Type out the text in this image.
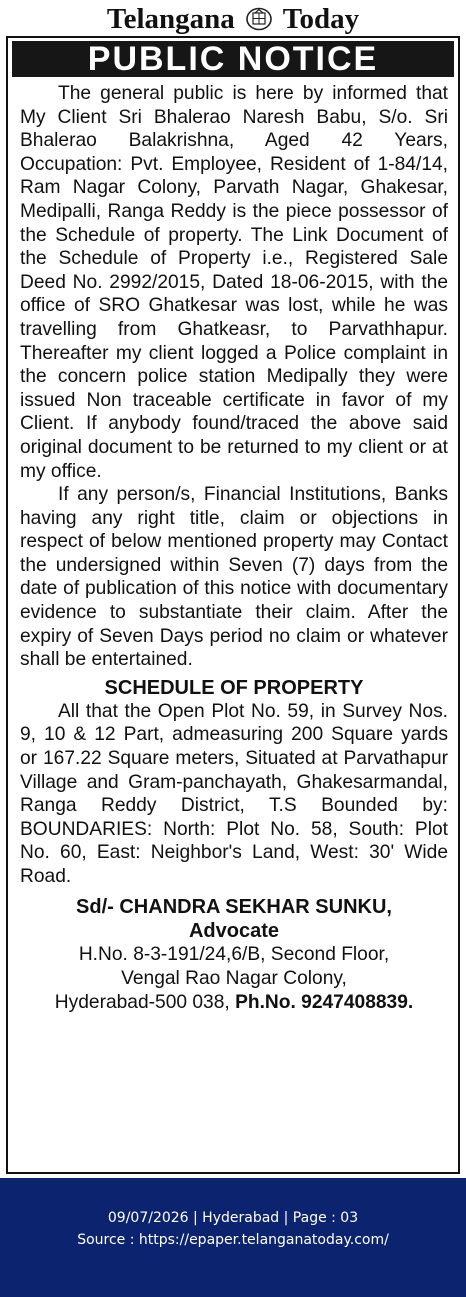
Telangana Today
PUBLIC NOTICE

The general public is here by informed that My Client Sri Bhalerao Naresh Babu, S/o. Sri Bhalerao Balakrishna, Aged 42 Years, Occupation: Pvt. Employee, Resident of 1-84/14, Ram Nagar Colony, Parvath Nagar, Ghakesar, Medipalli, Ranga Reddy is the piece possessor of the Schedule of property. The Link Document of the Schedule of Property i.e., Registered Sale Deed No. 2992/2015, Dated 18-06-2015, with the office of SRO Ghatkesar was lost, while he was travelling from Ghatkeasr, to Parvathhapur. Thereafter my client logged a Police complaint in the concern police station Medipally they were issued Non traceable certificate in favor of my Client. If anybody found/traced the above said original document to be returned to my client or at my office.

If any person/s, Financial Institutions, Banks having any right title, claim or objections in respect of below mentioned property may Contact the undersigned within Seven (7) days from the date of publication of this notice with documentary evidence to substantiate their claim. After the expiry of Seven Days period no claim or whatever shall be entertained.

SCHEDULE OF PROPERTY

All that the Open Plot No. 59, in Survey Nos. 9, 10 & 12 Part, admeasuring 200 Square yards or 167.22 Square meters, Situated at Parvathapur Village and Gram-panchayath, Ghakesarmandal, Ranga Reddy District, T.S Bounded by: BOUNDARIES: North: Plot No. 58, South: Plot No. 60, East: Neighbor's Land, West: 30' Wide Road.

Sd/- CHANDRA SEKHAR SUNKU,
Advocate
H.No. 8-3-191/24,6/B, Second Floor,
Vengal Rao Nagar Colony,
Hyderabad-500 038, Ph.No. 9247408839.
09/07/2026 | Hyderabad | Page : 03
Source : https://epaper.telanganatoday.com/
